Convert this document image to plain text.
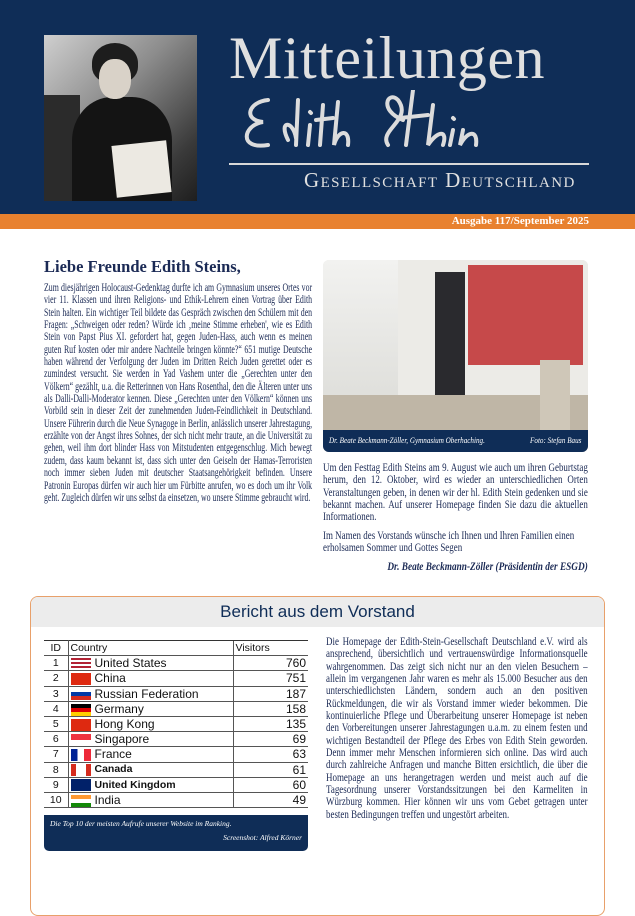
Mitteilungen
Gesellschaft Deutschland
Ausgabe 117/September 2025
Liebe Freunde Edith Steins,
Zum diesjährigen Holocaust-Gedenktag durfte ich am Gymnasium unseres Ortes vor vier 11. Klassen und ihren Religions- und Ethik-Lehrern einen Vortrag über Edith Stein halten. Ein wichtiger Teil bildete das Gespräch zwischen den Schülern mit den Fragen: „Schweigen oder reden? Würde ich ‚meine Stimme erheben', wie es Edith Stein von Papst Pius XI. gefordert hat, gegen Juden-Hass, auch wenn es meinen guten Ruf kosten oder mir andere Nachteile bringen könnte?“ 651 mutige Deutsche haben während der Verfolgung der Juden im Dritten Reich Juden gerettet oder es zumindest versucht. Sie werden in Yad Vashem unter die „Gerechten unter den Völkern“ gezählt, u.a. die Retterinnen von Hans Rosenthal, den die Älteren unter uns als Dalli-Dalli-Moderator kennen. Diese „Gerechten unter den Völkern“ können uns Vorbild sein in dieser Zeit der zunehmenden Juden-Feindlichkeit in Deutschland. Unsere Führerin durch die Neue Synagoge in Berlin, anlässlich unserer Jahrestagung, erzählte von der Angst ihres Sohnes, der sich nicht mehr traute, an die Universität zu gehen, weil ihm dort blinder Hass von Mitstudenten entgegenschlug. Mich bewegt zudem, dass kaum bekannt ist, dass sich unter den Geiseln der Hamas-Terroristen noch immer sieben Juden mit deutscher Staatsangehörigkeit befinden. Unsere Patronin Europas dürfen wir auch hier um Fürbitte anrufen, wo es doch um ihr Volk geht. Zugleich dürfen wir uns selbst da einsetzen, wo unsere Stimme gebraucht wird.
Dr. Beate Beckmann-Zöller, Gymnasium Oberhaching.	Foto: Stefan Baus
Um den Festtag Edith Steins am 9. August wie auch um ihren Geburtstag herum, den 12. Oktober, wird es wieder an unterschiedlichen Orten Veranstaltungen geben, in denen wir der hl. Edith Stein gedenken und sie bekannt machen. Auf unserer Homepage finden Sie dazu die aktuellen Informationen.
Im Namen des Vorstands wünsche ich Ihnen und Ihren Familien einen erholsamen Sommer und Gottes Segen
Dr. Beate Beckmann-Zöller (Präsidentin der ESGD)
Bericht aus dem Vorstand
ID	Country	Visitors
1	United States	760
2	China	751
3	Russian Federation	187
4	Germany	158
5	Hong Kong	135
6	Singapore	69
7	France	63
8	Canada	61
9	United Kingdom	60
10	India	49
Die Top 10 der meisten Aufrufe unserer Website im Ranking.
Screenshot: Alfred Körner
Die Homepage der Edith-Stein-Gesellschaft Deutschland e.V. wird als ansprechend, übersichtlich und vertrauenswürdige Informationsquelle wahrgenommen. Das zeigt sich nicht nur an den vielen Besuchern – allein im vergangenen Jahr waren es mehr als 15.000 Besucher aus den unterschiedlichsten Ländern, sondern auch an den positiven Rückmeldungen, die wir als Vorstand immer wieder bekommen. Die kontinuierliche Pflege und Überarbeitung unserer Homepage ist neben den Vorbereitungen unserer Jahrestagungen u.a.m. zu einem festen und wichtigen Bestandteil der Pflege des Erbes von Edith Stein geworden. Denn immer mehr Menschen informieren sich online. Das wird auch durch zahlreiche Anfragen und manche Bitten ersichtlich, die über die Homepage an uns herangetragen werden und meist auch auf die Tagesordnung unserer Vorstandssitzungen bei den Karmeliten in Würzburg kommen. Hier können wir uns vom Gebet getragen unter besten Bedingungen treffen und ungestört arbeiten.
